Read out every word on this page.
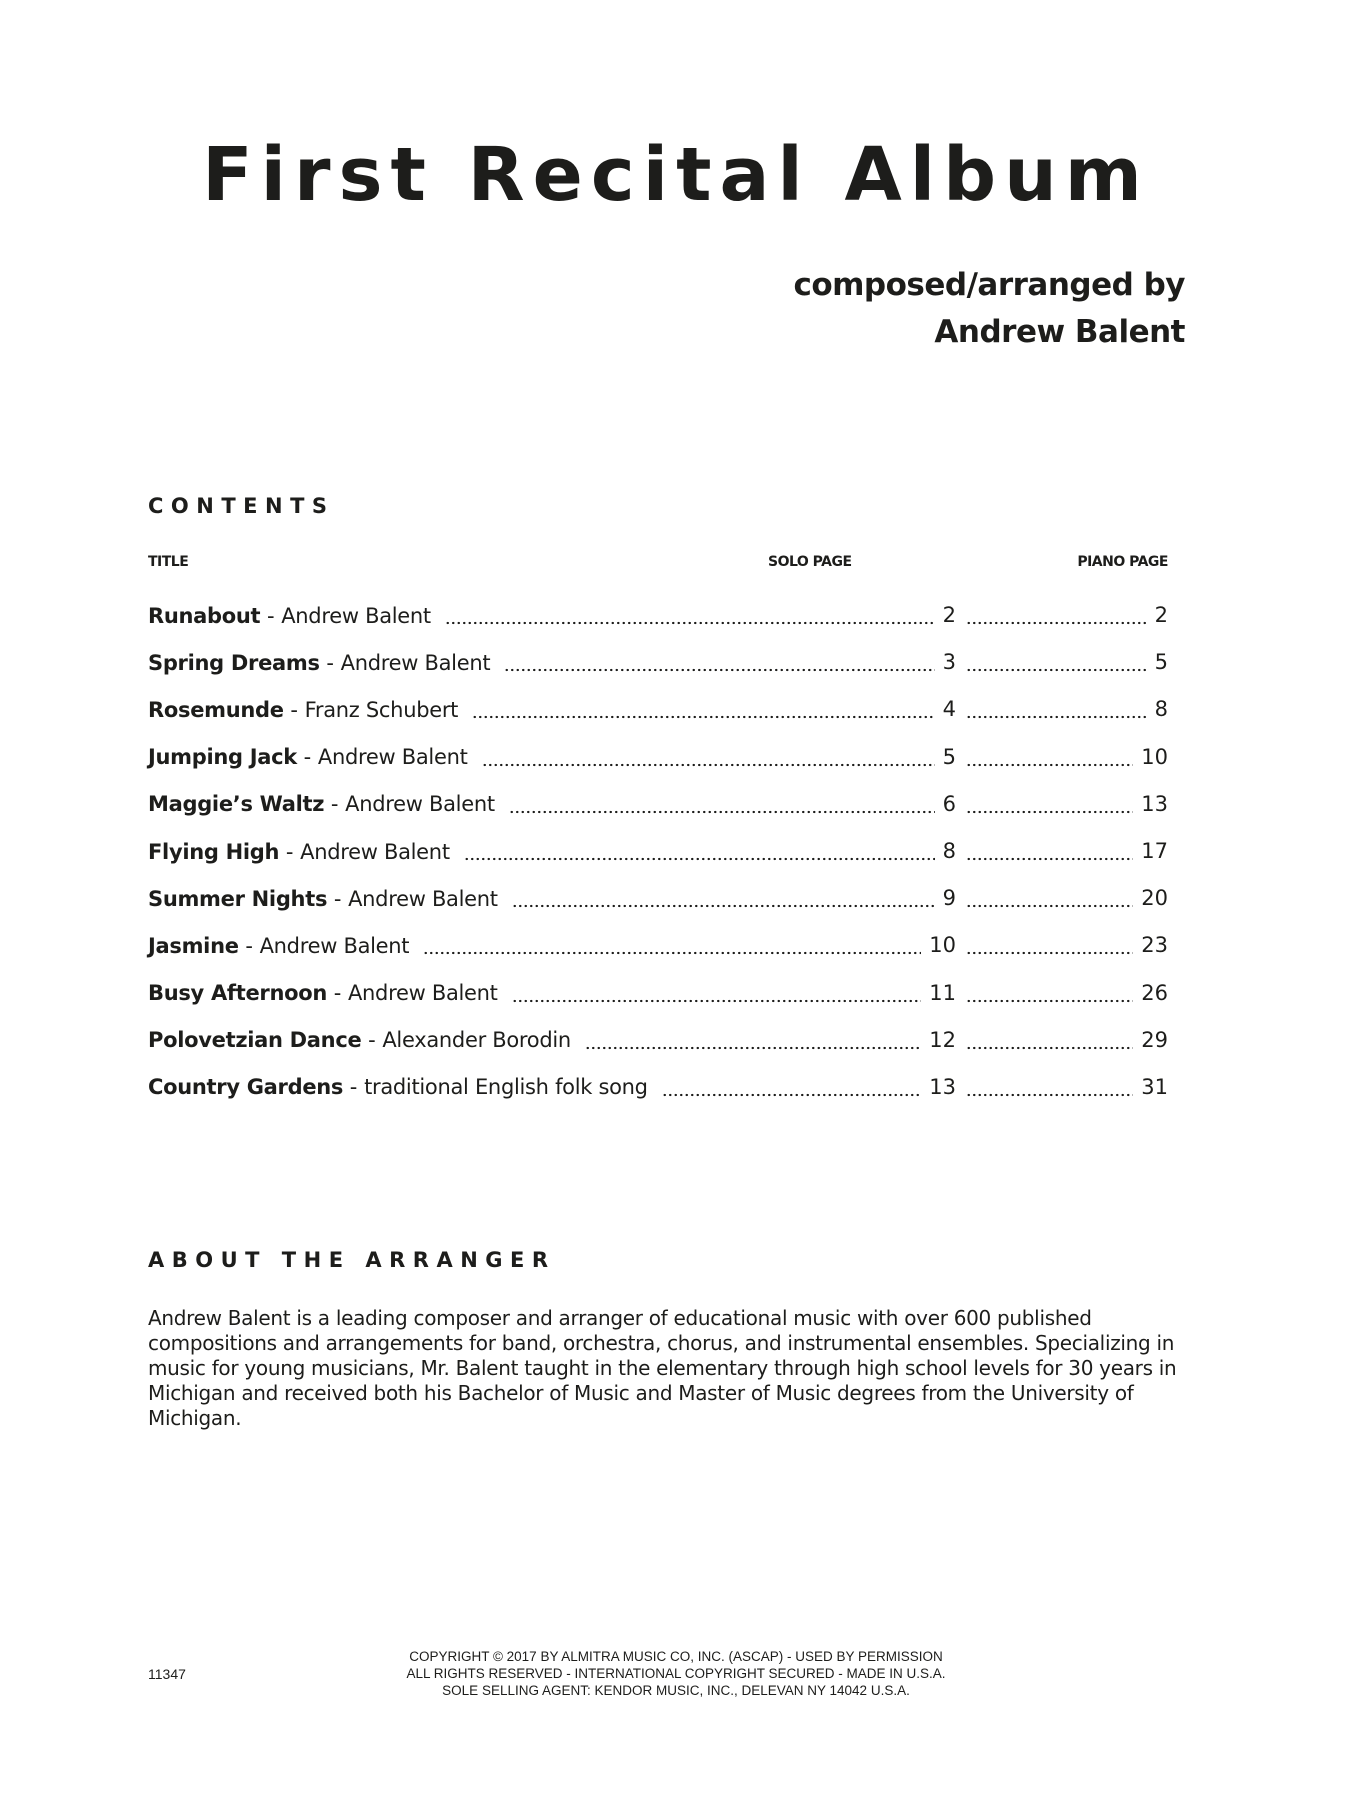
First Recital Album
composed/arranged by
Andrew Balent
CONTENTS
TITLE	SOLO PAGE	PIANO PAGE
Runabout - Andrew Balent	2	2
Spring Dreams - Andrew Balent	3	5
Rosemunde - Franz Schubert	4	8
Jumping Jack - Andrew Balent	5	10
Maggie’s Waltz - Andrew Balent	6	13
Flying High - Andrew Balent	8	17
Summer Nights - Andrew Balent	9	20
Jasmine - Andrew Balent	10	23
Busy Afternoon - Andrew Balent	11	26
Polovetzian Dance - Alexander Borodin	12	29
Country Gardens - traditional English folk song	13	31
ABOUT THE ARRANGER

Andrew Balent is a leading composer and arranger of educational music with over 600 published compositions and arrangements for band, orchestra, chorus, and instrumental ensembles. Specializing in music for young musicians, Mr. Balent taught in the elementary through high school levels for 30 years in Michigan and received both his Bachelor of Music and Master of Music degrees from the University of Michigan.

11347
COPYRIGHT © 2017 BY ALMITRA MUSIC CO, INC. (ASCAP) - USED BY PERMISSION
ALL RIGHTS RESERVED - INTERNATIONAL COPYRIGHT SECURED - MADE IN U.S.A.
SOLE SELLING AGENT: KENDOR MUSIC, INC., DELEVAN NY 14042 U.S.A.
